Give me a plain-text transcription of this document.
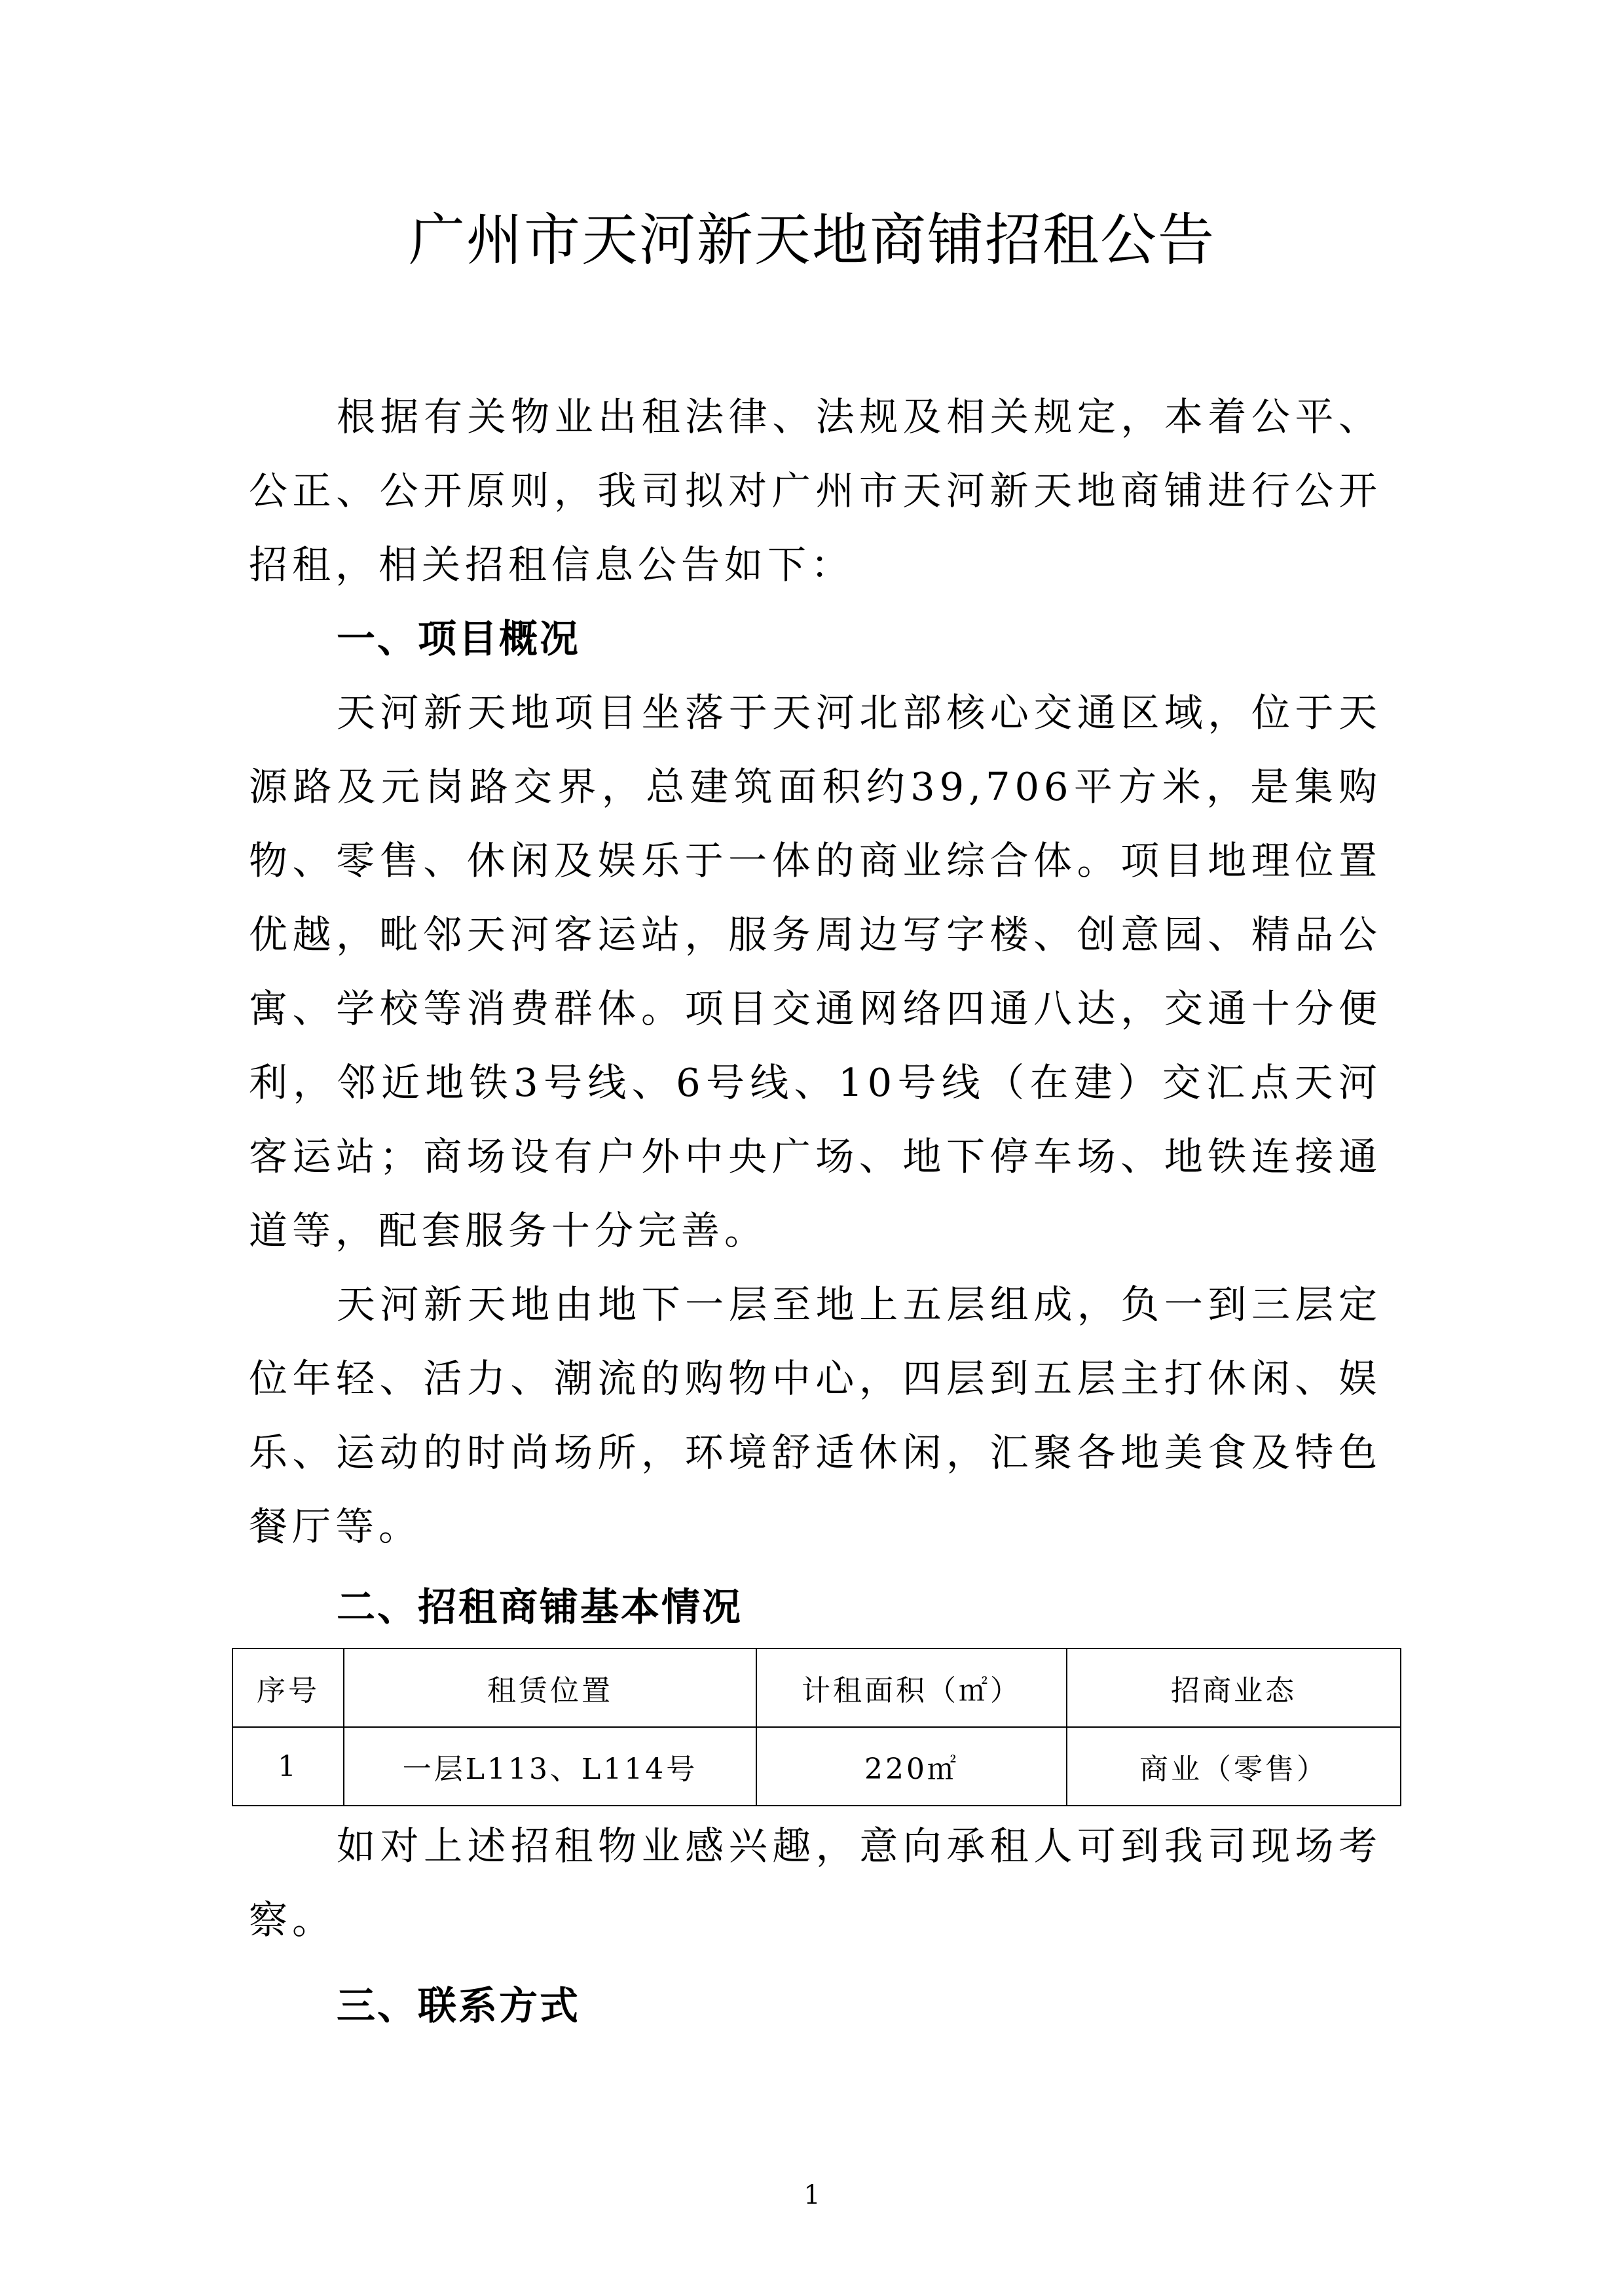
广州市天河新天地商铺招租公告

根据有关物业出租法律、法规及相关规定，本着公平、公正、公开原则，我司拟对广州市天河新天地商铺进行公开招租，相关招租信息公告如下：

一、项目概况

天河新天地项目坐落于天河北部核心交通区域，位于天源路及元岗路交界，总建筑面积约39,706平方米，是集购物、零售、休闲及娱乐于一体的商业综合体。项目地理位置优越，毗邻天河客运站，服务周边写字楼、创意园、精品公寓、学校等消费群体。项目交通网络四通八达，交通十分便利，邻近地铁3号线、6号线、10号线（在建）交汇点天河客运站；商场设有户外中央广场、地下停车场、地铁连接通道等，配套服务十分完善。

天河新天地由地下一层至地上五层组成，负一到三层定位年轻、活力、潮流的购物中心，四层到五层主打休闲、娱乐、运动的时尚场所，环境舒适休闲，汇聚各地美食及特色餐厅等。

二、招租商铺基本情况
序号	租赁位置	计租面积（㎡）	招商业态
1	一层L113、L114号	220㎡	商业（零售）

如对上述招租物业感兴趣，意向承租人可到我司现场考察。

三、联系方式
1
